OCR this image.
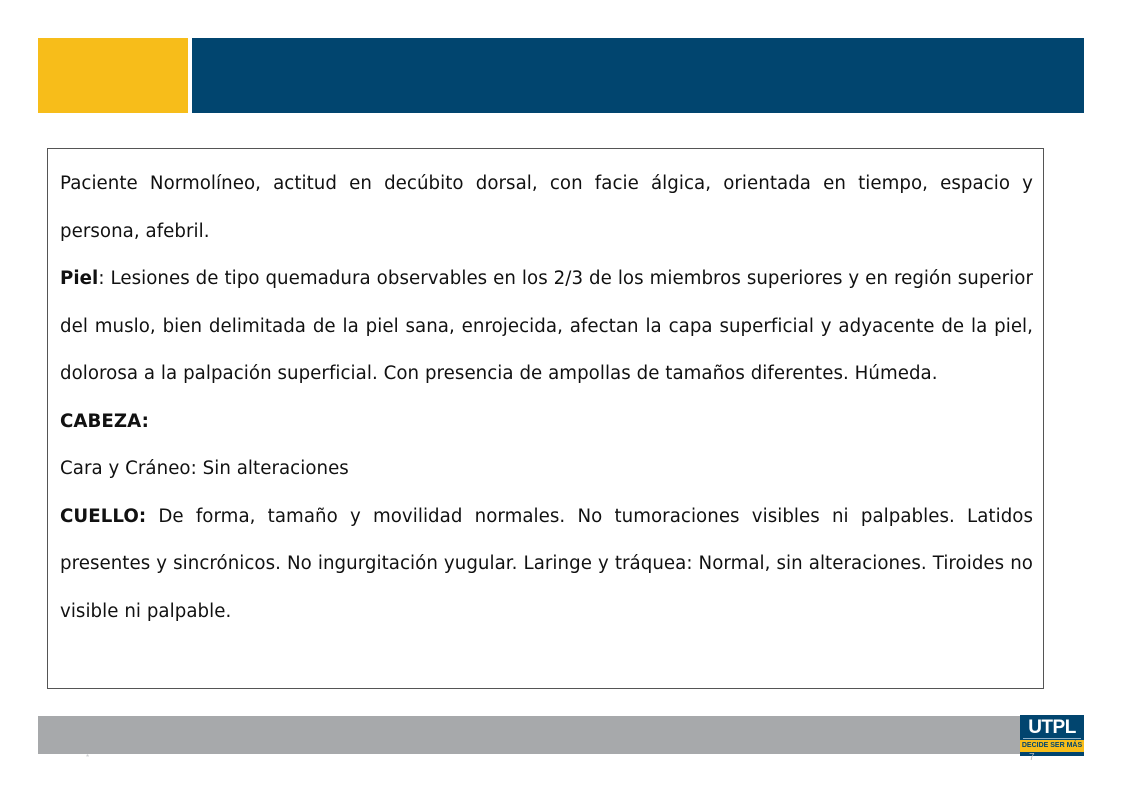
Paciente Normolíneo, actitud en decúbito dorsal, con facie álgica, orientada en tiempo, espacio y persona, afebril.

Piel: Lesiones de tipo quemadura observables en los 2/3 de los miembros superiores y en región superior del muslo, bien delimitada de la piel sana, enrojecida, afectan la capa superficial y adyacente de la piel, dolorosa a la palpación superficial. Con presencia de ampollas de tamaños diferentes. Húmeda.

CABEZA:

Cara y Cráneo: Sin alteraciones

CUELLO: De forma, tamaño y movilidad normales. No tumoraciones visibles ni palpables. Latidos presentes y sincrónicos. No ingurgitación yugular. Laringe y tráquea: Normal, sin alteraciones. Tiroides no visible ni palpable.

UTPL
DECIDE SER MÁS
*	7
